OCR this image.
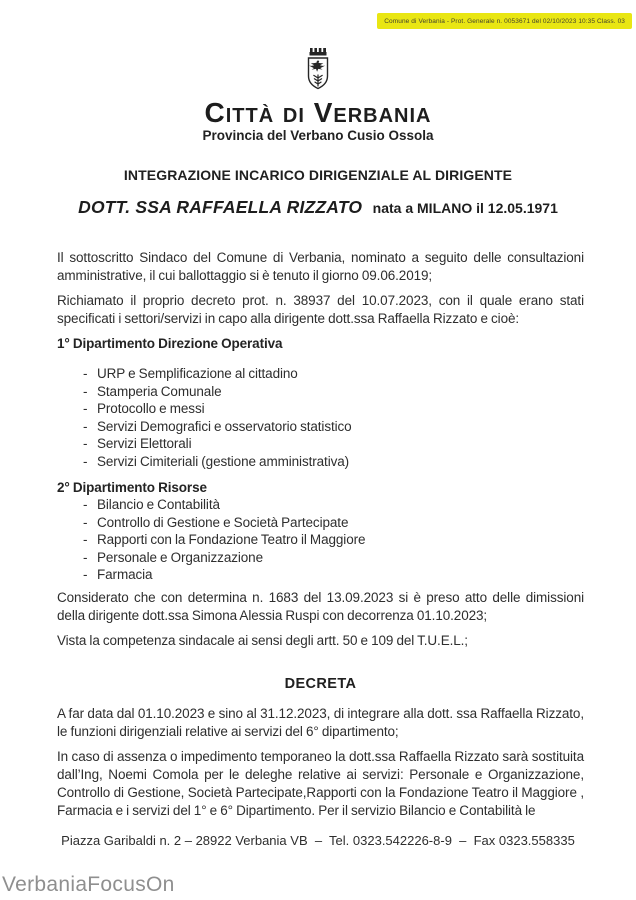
Comune di Verbania - Prot. Generale n. 0053671 del 02/10/2023 10:35 Class. 03
Città di Verbania
Provincia del Verbano Cusio Ossola
INTEGRAZIONE INCARICO DIRIGENZIALE AL DIRIGENTE
DOTT. SSA RAFFAELLA RIZZATO nata a MILANO il 12.05.1971

Il sottoscritto Sindaco del Comune di Verbania, nominato a seguito delle consultazioni amministrative, il cui ballottaggio si è tenuto il giorno 09.06.2019;

Richiamato il proprio decreto prot. n. 38937 del 10.07.2023, con il quale erano stati specificati i settori/servizi in capo alla dirigente dott.ssa Raffaella Rizzato e cioè:

1° Dipartimento Direzione Operativa
- URP e Semplificazione al cittadino
- Stamperia Comunale
- Protocollo e messi
- Servizi Demografici e osservatorio statistico
- Servizi Elettorali
- Servizi Cimiteriali (gestione amministrativa)
2° Dipartimento Risorse
- Bilancio e Contabilità
- Controllo di Gestione e Società Partecipate
- Rapporti con la Fondazione Teatro il Maggiore
- Personale e Organizzazione
- Farmacia

Considerato che con determina n. 1683 del 13.09.2023 si è preso atto delle dimissioni della dirigente dott.ssa Simona Alessia Ruspi con decorrenza 01.10.2023;

Vista la competenza sindacale ai sensi degli artt. 50 e 109 del T.U.E.L.;

DECRETA

A far data dal 01.10.2023 e sino al 31.12.2023, di integrare alla dott. ssa Raffaella Rizzato, le funzioni dirigenziali relative ai servizi del 6° dipartimento;

In caso di assenza o impedimento temporaneo la dott.ssa Raffaella Rizzato sarà sostituita dall’Ing, Noemi Comola per le deleghe relative ai servizi: Personale e Organizzazione, Controllo di Gestione, Società Partecipate,Rapporti con la Fondazione Teatro il Maggiore , Farmacia e i servizi del 1° e 6° Dipartimento. Per il servizio Bilancio e Contabilità le

Piazza Garibaldi n. 2 – 28922 Verbania VB  –  Tel. 0323.542226-8-9  –  Fax 0323.558335
VerbaniaFocusOn
